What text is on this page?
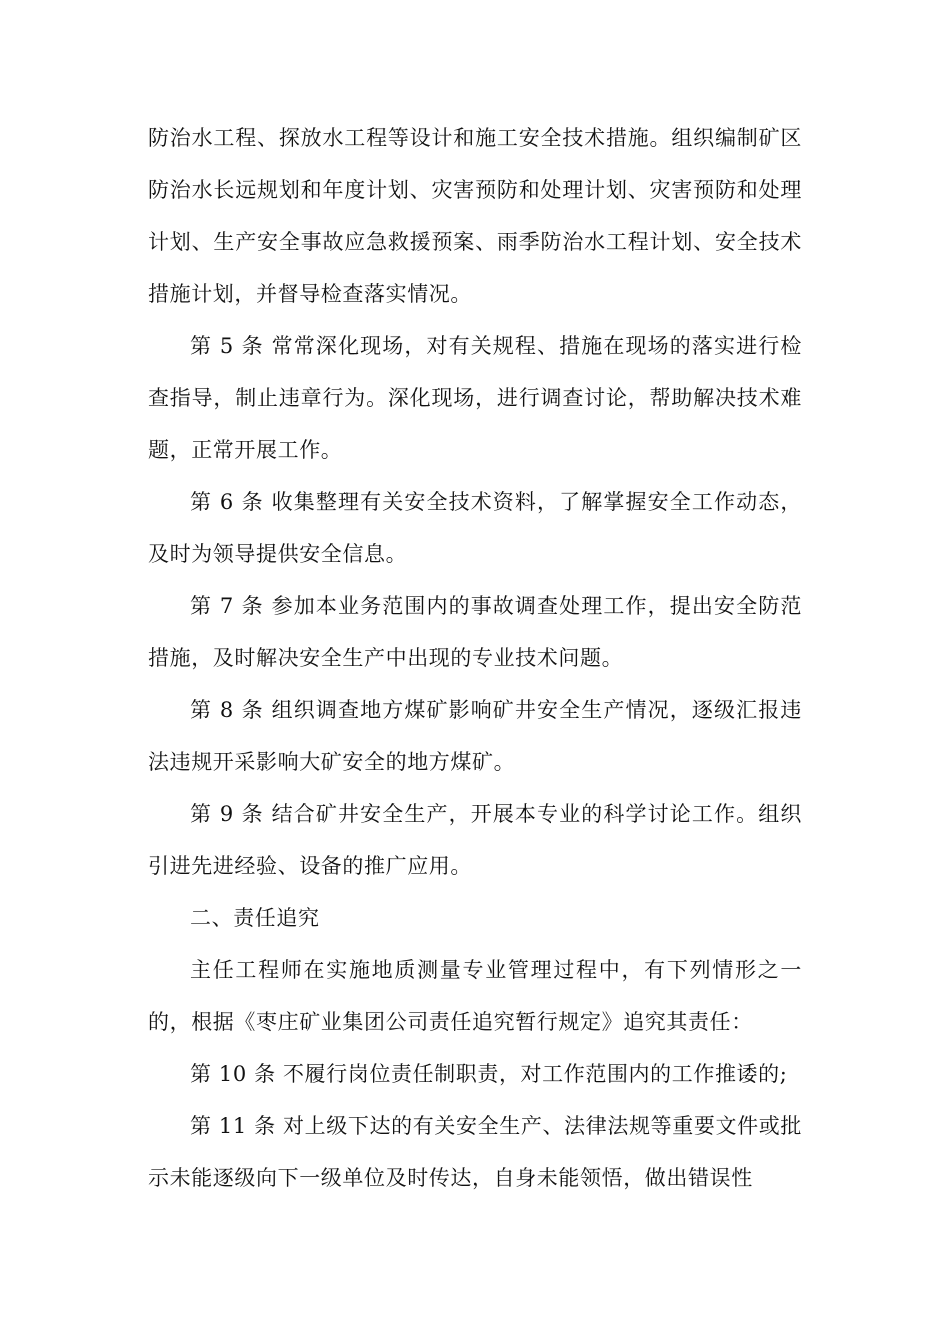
防治水工程、探放水工程等设计和施工安全技术措施。组织编制矿区防治水长远规划和年度计划、灾害预防和处理计划、灾害预防和处理计划、生产安全事故应急救援预案、雨季防治水工程计划、安全技术措施计划，并督导检查落实情况。

第 5 条 常常深化现场，对有关规程、措施在现场的落实进行检查指导，制止违章行为。深化现场，进行调查讨论，帮助解决技术难题，正常开展工作。

第 6 条 收集整理有关安全技术资料，了解掌握安全工作动态，及时为领导提供安全信息。

第 7 条 参加本业务范围内的事故调查处理工作，提出安全防范措施，及时解决安全生产中出现的专业技术问题。

第 8 条 组织调查地方煤矿影响矿井安全生产情况，逐级汇报违法违规开采影响大矿安全的地方煤矿。

第 9 条 结合矿井安全生产，开展本专业的科学讨论工作。组织引进先进经验、设备的推广应用。

二、责任追究

主任工程师在实施地质测量专业管理过程中，有下列情形之一的，根据《枣庄矿业集团公司责任追究暂行规定》追究其责任：

第 10 条 不履行岗位责任制职责，对工作范围内的工作推诿的;

第 11 条 对上级下达的有关安全生产、法律法规等重要文件或批示未能逐级向下一级单位及时传达，自身未能领悟，做出错误性
